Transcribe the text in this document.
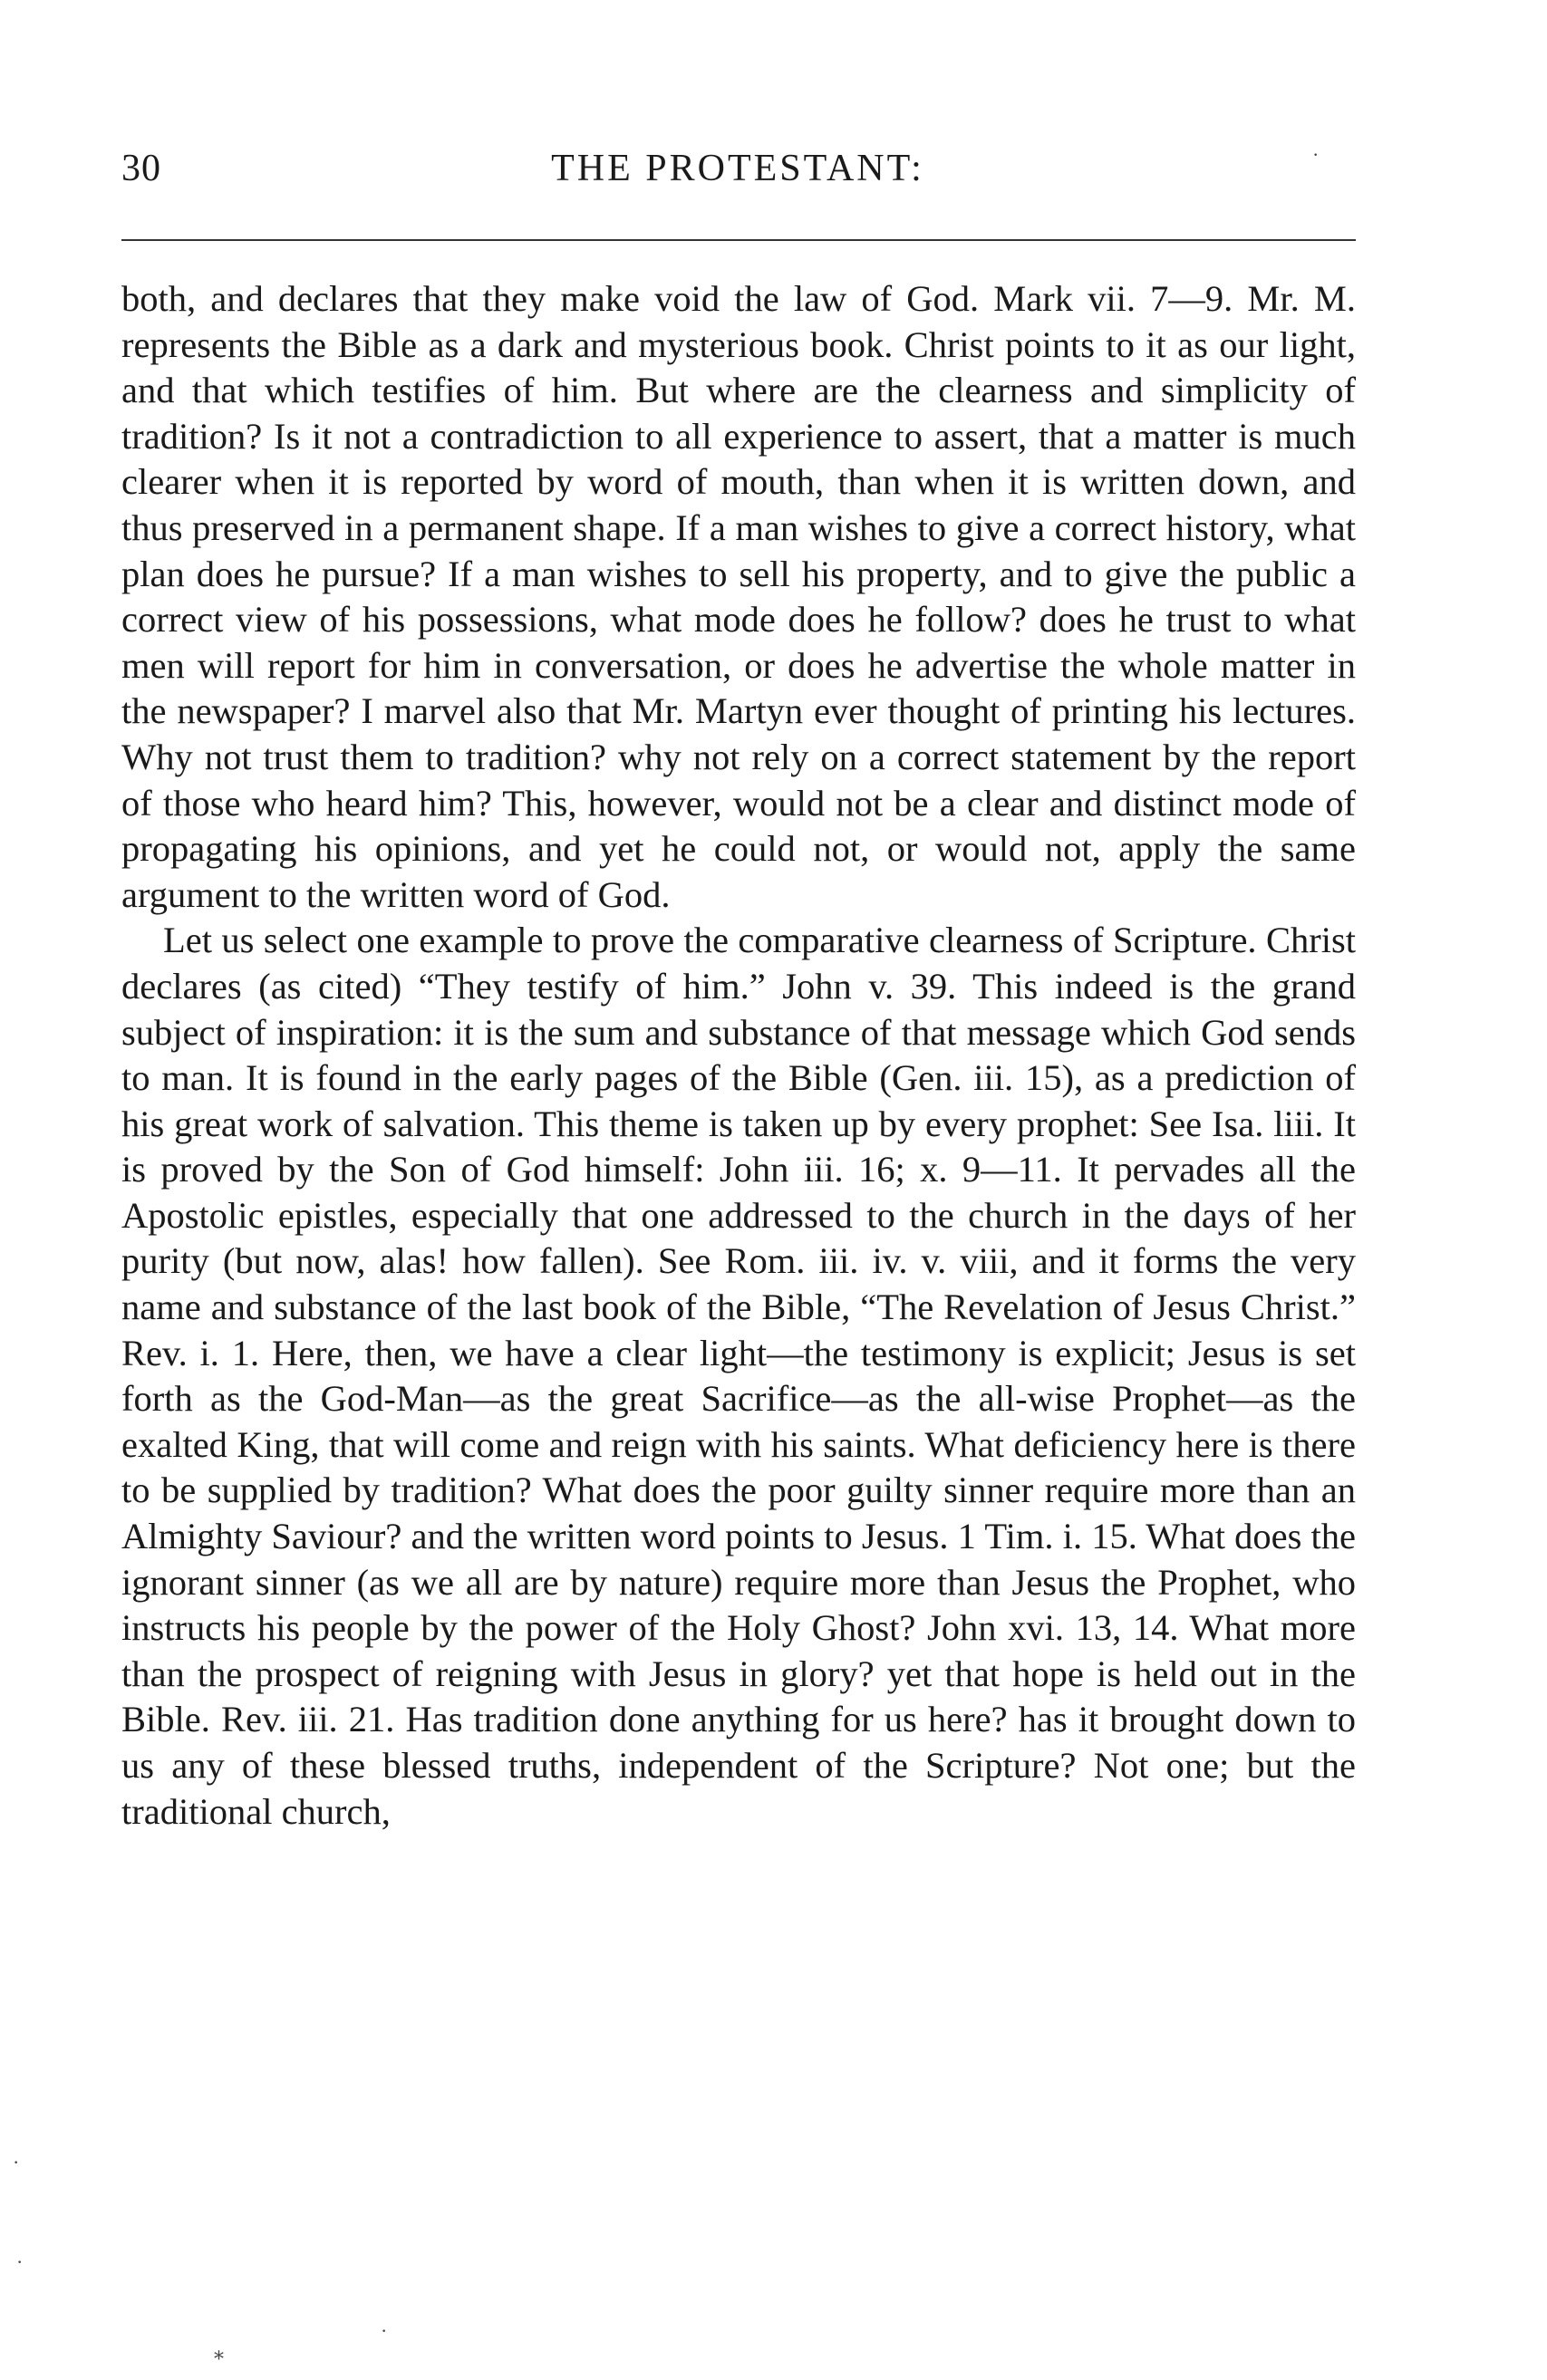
30	THE PROTESTANT:

both, and declares that they make void the law of God. Mark vii. 7—9. Mr. M. represents the Bible as a dark and mysterious book. Christ points to it as our light, and that which testifies of him. But where are the clearness and simplicity of tradition? Is it not a contradiction to all experience to assert, that a matter is much clearer when it is reported by word of mouth, than when it is written down, and thus preserved in a permanent shape. If a man wishes to give a correct history, what plan does he pursue? If a man wishes to sell his property, and to give the public a correct view of his possessions, what mode does he follow? does he trust to what men will report for him in conversation, or does he advertise the whole matter in the newspaper? I marvel also that Mr. Martyn ever thought of printing his lectures. Why not trust them to tradition? why not rely on a correct statement by the report of those who heard him? This, however, would not be a clear and distinct mode of propagating his opinions, and yet he could not, or would not, apply the same argument to the written word of God.

Let us select one example to prove the comparative clearness of Scripture. Christ declares (as cited) “They testify of him.” John v. 39. This indeed is the grand subject of inspiration: it is the sum and substance of that message which God sends to man. It is found in the early pages of the Bible (Gen. iii. 15), as a prediction of his great work of salvation. This theme is taken up by every prophet: See Isa. liii. It is proved by the Son of God himself: John iii. 16; x. 9—11. It pervades all the Apostolic epistles, especially that one addressed to the church in the days of her purity (but now, alas! how fallen). See Rom. iii. iv. v. viii, and it forms the very name and substance of the last book of the Bible, “The Revelation of Jesus Christ.” Rev. i. 1. Here, then, we have a clear light—the testimony is explicit; Jesus is set forth as the God-Man—as the great Sacrifice—as the all-wise Prophet—as the exalted King, that will come and reign with his saints. What deficiency here is there to be supplied by tradition? What does the poor guilty sinner require more than an Almighty Saviour? and the written word points to Jesus. 1 Tim. i. 15. What does the ignorant sinner (as we all are by nature) require more than Jesus the Prophet, who instructs his people by the power of the Holy Ghost? John xvi. 13, 14. What more than the prospect of reigning with Jesus in glory? yet that hope is held out in the Bible. Rev. iii. 21. Has tradition done anything for us here? has it brought down to us any of these blessed truths, independent of the Scripture? Not one; but the traditional church,

·
·
·
⁎
·
